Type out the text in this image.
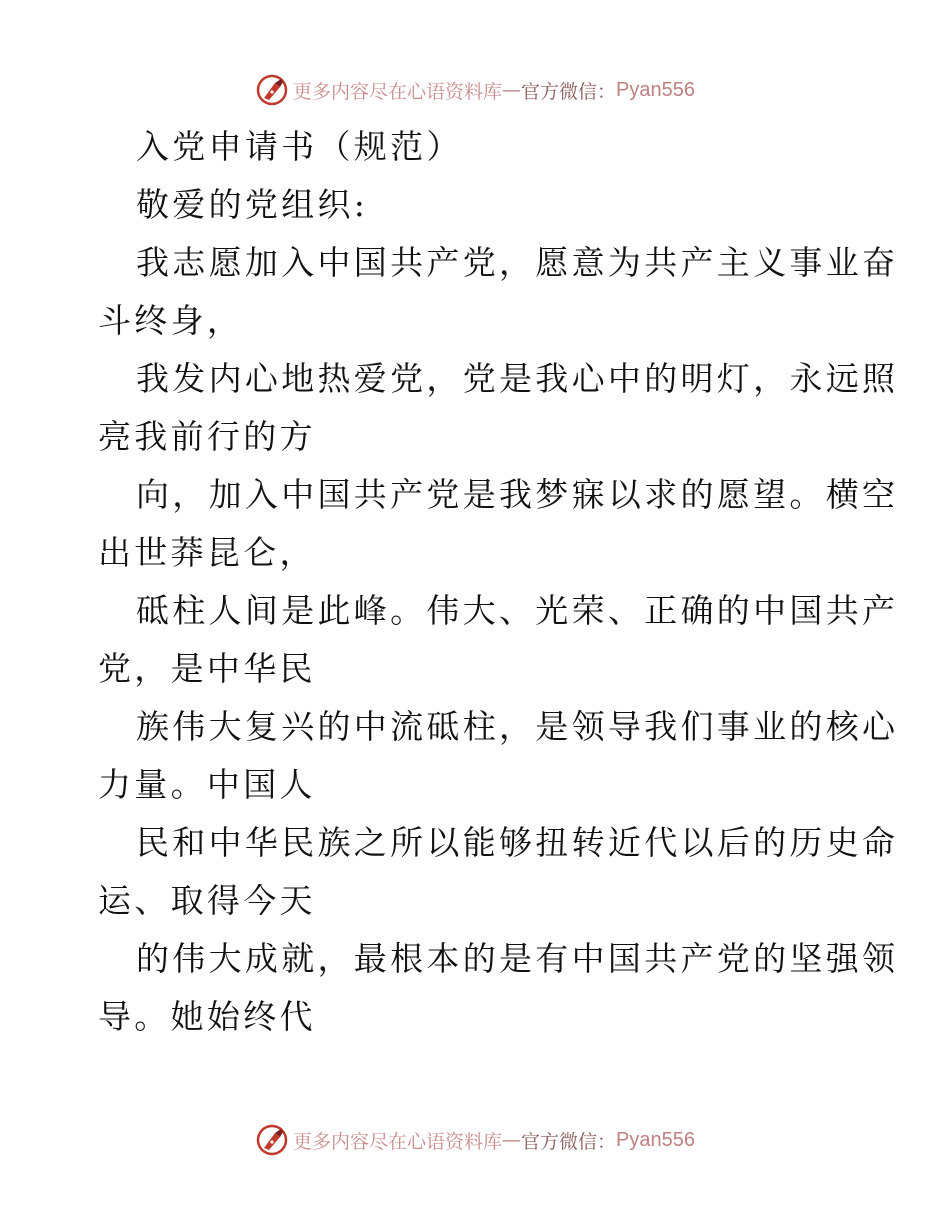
更多内容尽在心语资料库 — 官方微信： Pyan556
入党申请书（规范）
敬爱的党组织:
我志愿加入中国共产党，愿意为共产主义事业奋
斗终身，
我发内心地热爱党，党是我心中的明灯，永远照
亮我前行的方
向，加入中国共产党是我梦寐以求的愿望。横空
出世莽昆仑，
砥柱人间是此峰。伟大、光荣、正确的中国共产
党，是中华民
族伟大复兴的中流砥柱，是领导我们事业的核心
力量。中国人
民和中华民族之所以能够扭转近代以后的历史命
运、取得今天
的伟大成就，最根本的是有中国共产党的坚强领
导。她始终代
更多内容尽在心语资料库 — 官方微信： Pyan556
